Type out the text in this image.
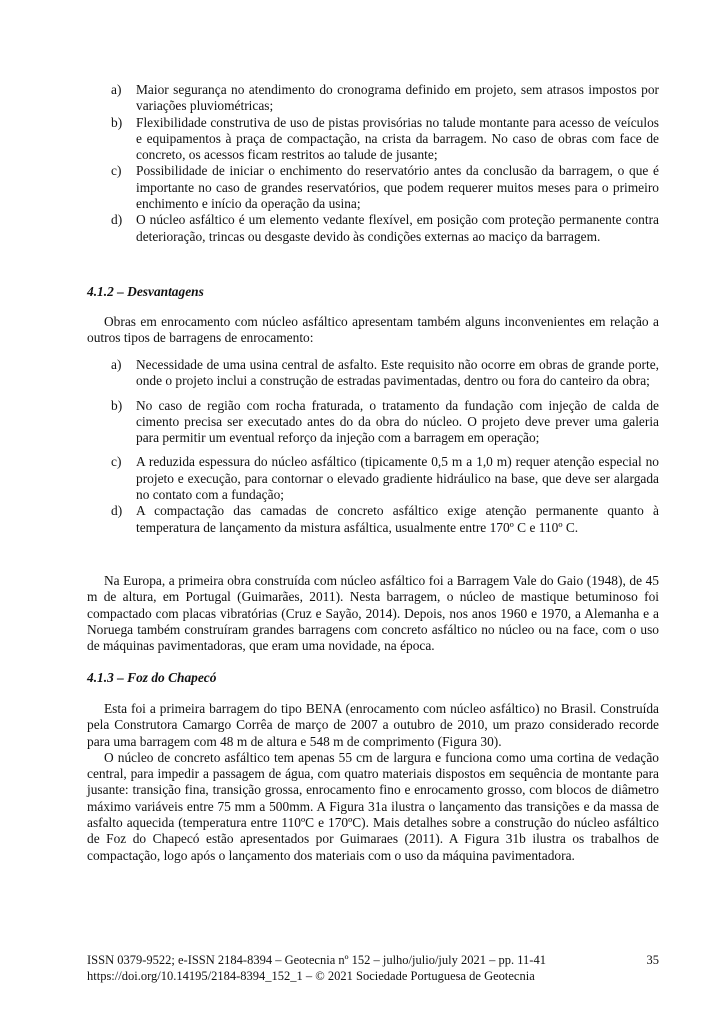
a)	Maior segurança no atendimento do cronograma definido em projeto, sem atrasos impostos por variações pluviométricas;
b)	Flexibilidade construtiva de uso de pistas provisórias no talude montante para acesso de veículos e equipamentos à praça de compactação, na crista da barragem. No caso de obras com face de concreto, os acessos ficam restritos ao talude de jusante;
c)	Possibilidade de iniciar o enchimento do reservatório antes da conclusão da barragem, o que é importante no caso de grandes reservatórios, que podem requerer muitos meses para o primeiro enchimento e início da operação da usina;
d)	O núcleo asfáltico é um elemento vedante flexível, em posição com proteção permanente contra deterioração, trincas ou desgaste devido às condições externas ao maciço da barragem.
4.1.2 – Desvantagens

Obras em enrocamento com núcleo asfáltico apresentam também alguns inconvenientes em relação a outros tipos de barragens de enrocamento:

a)	Necessidade de uma usina central de asfalto. Este requisito não ocorre em obras de grande porte, onde o projeto inclui a construção de estradas pavimentadas, dentro ou fora do canteiro da obra;
b)	No caso de região com rocha fraturada, o tratamento da fundação com injeção de calda de cimento precisa ser executado antes do da obra do núcleo. O projeto deve prever uma galeria para permitir um eventual reforço da injeção com a barragem em operação;
c)	A reduzida espessura do núcleo asfáltico (tipicamente 0,5 m a 1,0 m) requer atenção especial no projeto e execução, para contornar o elevado gradiente hidráulico na base, que deve ser alargada no contato com a fundação;
d)	A compactação das camadas de concreto asfáltico exige atenção permanente quanto à temperatura de lançamento da mistura asfáltica, usualmente entre 170º C e 110º C.

Na Europa, a primeira obra construída com núcleo asfáltico foi a Barragem Vale do Gaio (1948), de 45 m de altura, em Portugal (Guimarães, 2011). Nesta barragem, o núcleo de mastique betuminoso foi compactado com placas vibratórias (Cruz e Sayão, 2014). Depois, nos anos 1960 e 1970, a Alemanha e a Noruega também construíram grandes barragens com concreto asfáltico no núcleo ou na face, com o uso de máquinas pavimentadoras, que eram uma novidade, na época.

4.1.3 – Foz do Chapecó

Esta foi a primeira barragem do tipo BENA (enrocamento com núcleo asfáltico) no Brasil. Construída pela Construtora Camargo Corrêa de março de 2007 a outubro de 2010, um prazo considerado recorde para uma barragem com 48 m de altura e 548 m de comprimento (Figura 30).

O núcleo de concreto asfáltico tem apenas 55 cm de largura e funciona como uma cortina de vedação central, para impedir a passagem de água, com quatro materiais dispostos em sequência de montante para jusante: transição fina, transição grossa, enrocamento fino e enrocamento grosso, com blocos de diâmetro máximo variáveis entre 75 mm a 500mm. A Figura 31a ilustra o lançamento das transições e da massa de asfalto aquecida (temperatura entre 110ºC e 170ºC). Mais detalhes sobre a construção do núcleo asfáltico de Foz do Chapecó estão apresentados por Guimaraes (2011). A Figura 31b ilustra os trabalhos de compactação, logo após o lançamento dos materiais com o uso da máquina pavimentadora.

ISSN 0379-9522; e-ISSN 2184-8394 – Geotecnia nº 152 – julho/julio/july 2021 – pp. 11-41
https://doi.org/10.14195/2184-8394_152_1 – © 2021 Sociedade Portuguesa de Geotecnia
35
